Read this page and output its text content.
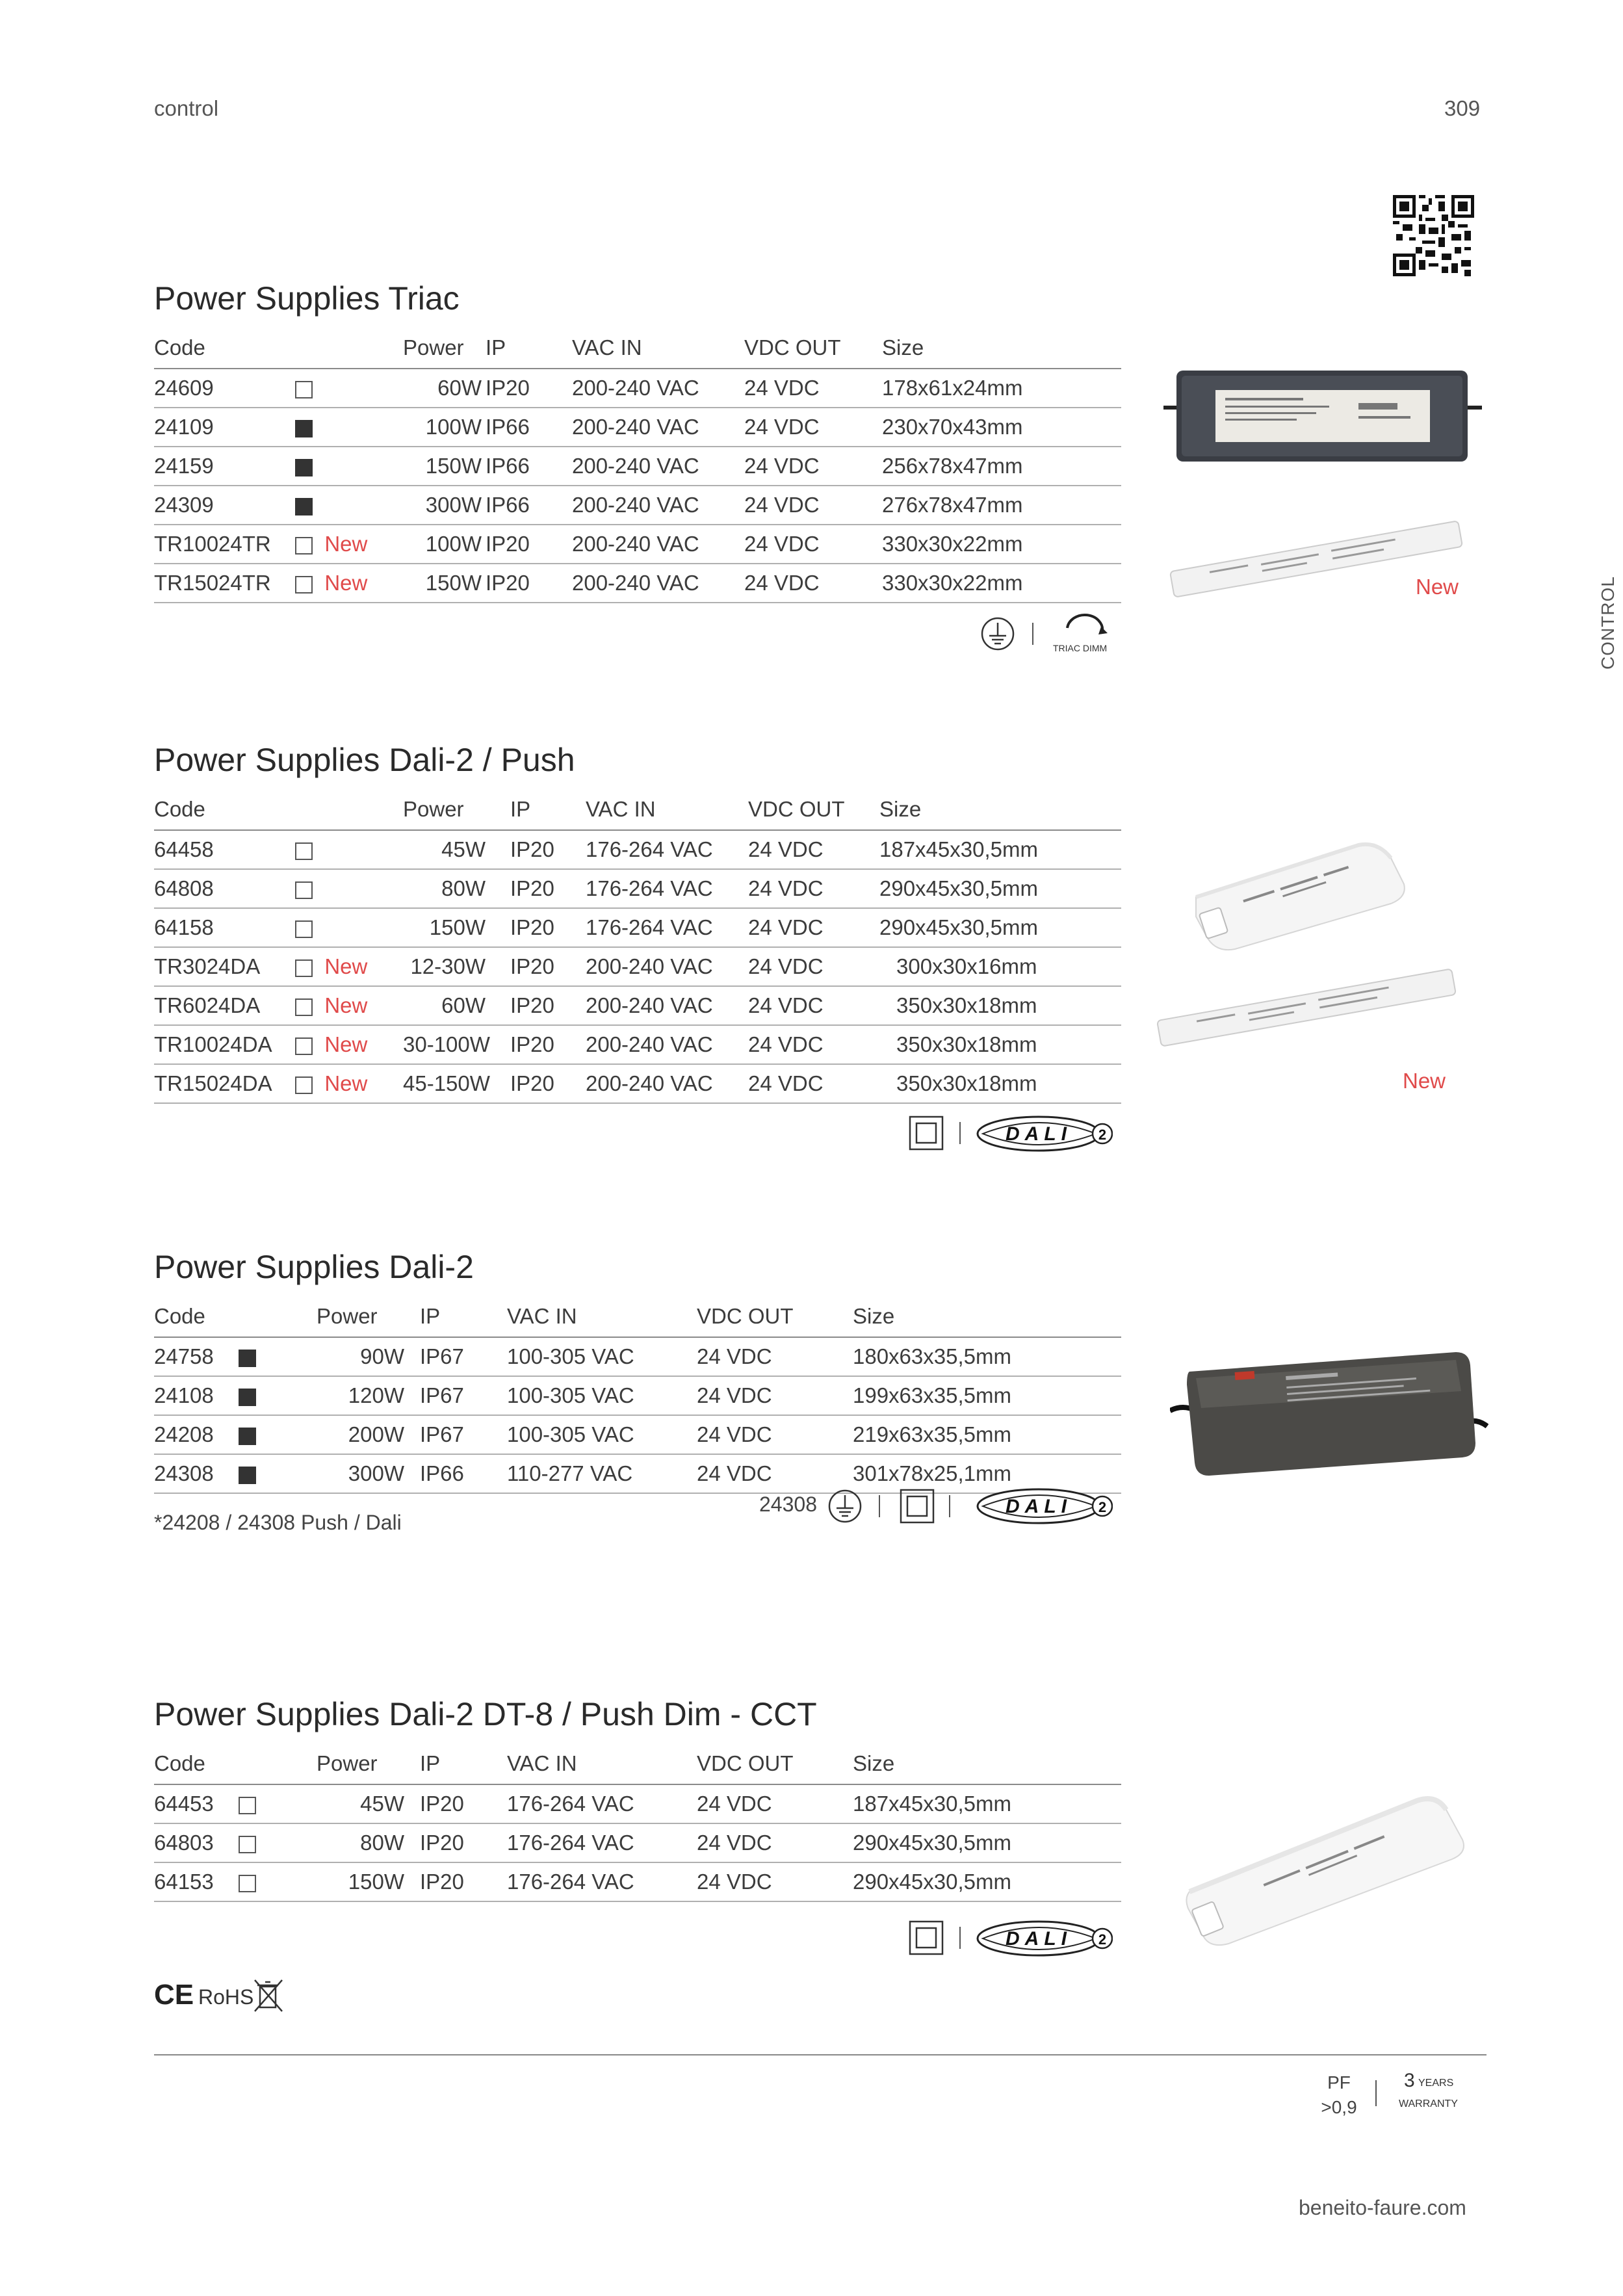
control	309
CONTROL
Power Supplies Triac
Code		Power	IP	VAC IN	VDC OUT	Size
24609		60W	IP20	200-240 VAC	24 VDC	178x61x24mm
24109		100W	IP66	200-240 VAC	24 VDC	230x70x43mm
24159		150W	IP66	200-240 VAC	24 VDC	256x78x47mm
24309		300W	IP66	200-240 VAC	24 VDC	276x78x47mm
TR10024TR	New	100W	IP20	200-240 VAC	24 VDC	330x30x22mm
TR15024TR	New	150W	IP20	200-240 VAC	24 VDC	330x30x22mm	New
TRIAC DIMM
Power Supplies Dali-2 / Push
Code		Power	IP	VAC IN	VDC OUT	Size
64458		45W	IP20	176-264 VAC	24 VDC	187x45x30,5mm
64808		80W	IP20	176-264 VAC	24 VDC	290x45x30,5mm
64158		150W	IP20	176-264 VAC	24 VDC	290x45x30,5mm
TR3024DA	New	12-30W	IP20	200-240 VAC	24 VDC	300x30x16mm
TR6024DA	New	60W	IP20	200-240 VAC	24 VDC	350x30x18mm
TR10024DA	New	30-100W	IP20	200-240 VAC	24 VDC	350x30x18mm
TR15024DA	New	45-150W	IP20	200-240 VAC	24 VDC	350x30x18mm	New
DALI 2
Power Supplies Dali-2
Code		Power	IP	VAC IN	VDC OUT	Size
24758		90W	IP67	100-305 VAC	24 VDC	180x63x35,5mm
24108		120W	IP67	100-305 VAC	24 VDC	199x63x35,5mm
24208		200W	IP67	100-305 VAC	24 VDC	219x63x35,5mm
24308		300W	IP66	110-277 VAC	24 VDC	301x78x25,1mm
*24208 / 24308 Push / Dali
24308	DALI 2
Power Supplies Dali-2 DT-8 / Push Dim - CCT
Code		Power	IP	VAC IN	VDC OUT	Size
64453		45W	IP20	176-264 VAC	24 VDC	187x45x30,5mm
64803		80W	IP20	176-264 VAC	24 VDC	290x45x30,5mm
64153		150W	IP20	176-264 VAC	24 VDC	290x45x30,5mm
DALI 2
CE RoHS
PF
>0,9
3 YEARS
WARRANTY
beneito-faure.com
